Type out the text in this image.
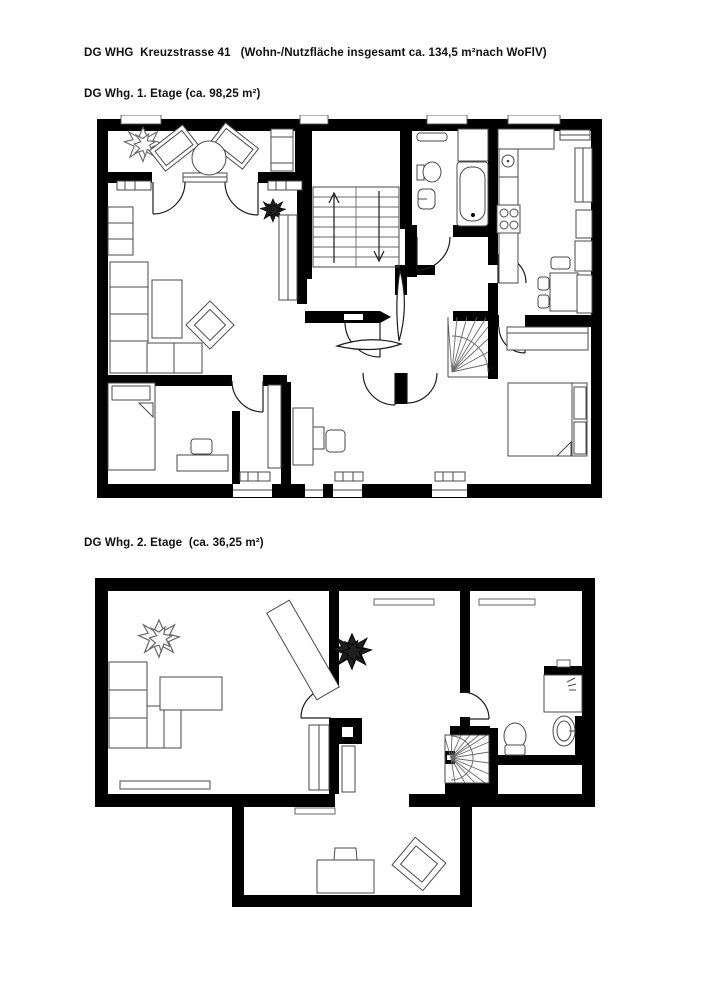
DG WHG  Kreuzstrasse 41   (Wohn-/Nutzfläche insgesamt ca. 134,5 m²nach WoFlV)
DG Whg. 1. Etage (ca. 98,25 m²)
DG Whg. 2. Etage  (ca. 36,25 m²)
